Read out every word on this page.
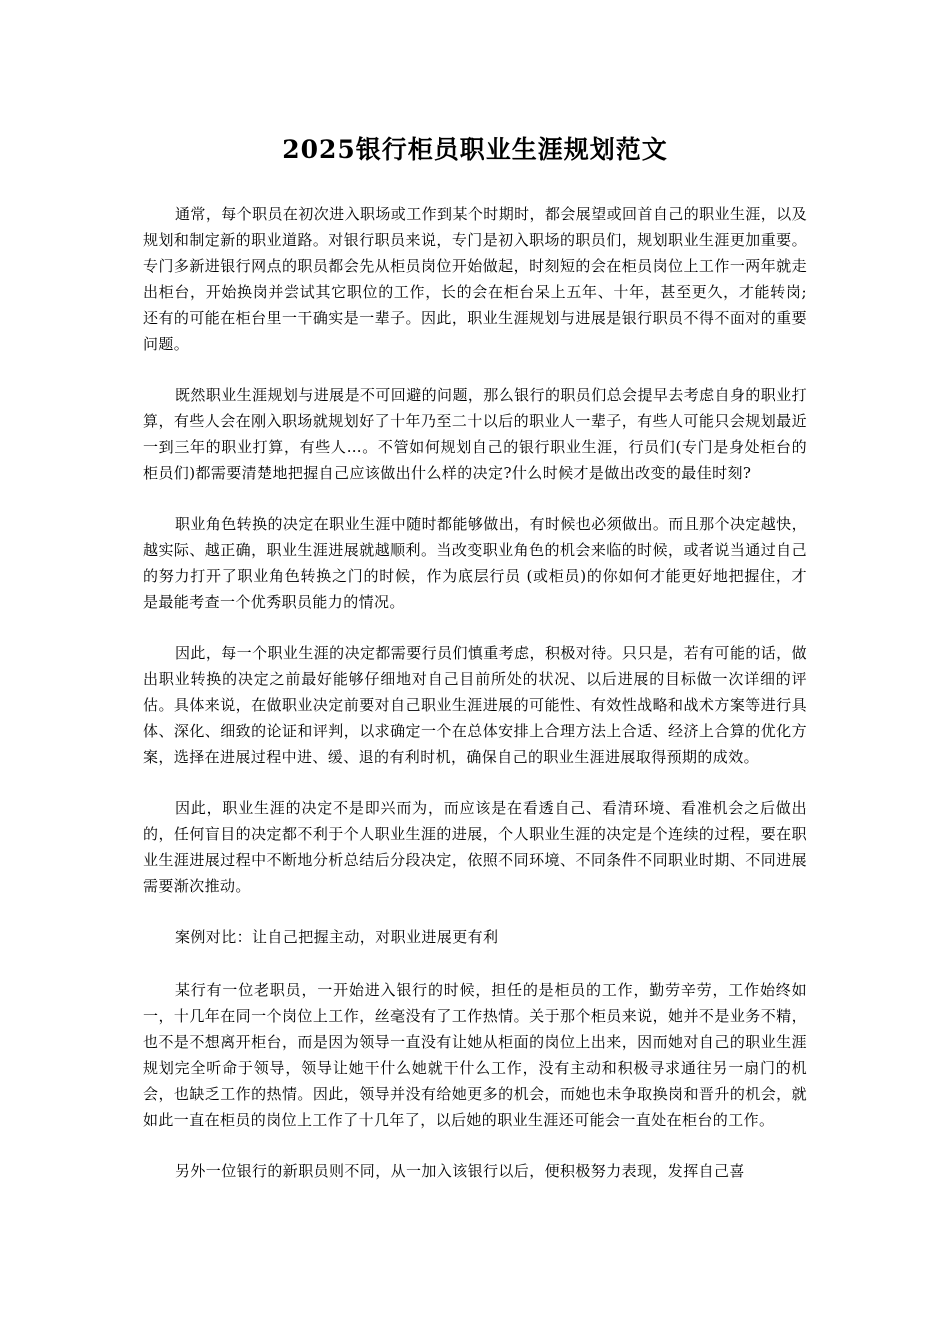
2025银行柜员职业生涯规划范文

通常，每个职员在初次进入职场或工作到某个时期时，都会展望或回首自己的职业生涯，以及规划和制定新的职业道路。对银行职员来说，专门是初入职场的职员们，规划职业生涯更加重要。专门多新进银行网点的职员都会先从柜员岗位开始做起，时刻短的会在柜员岗位上工作一两年就走出柜台，开始换岗并尝试其它职位的工作，长的会在柜台呆上五年、十年，甚至更久，才能转岗;还有的可能在柜台里一干确实是一辈子。因此，职业生涯规划与进展是银行职员不得不面对的重要问题。

既然职业生涯规划与进展是不可回避的问题，那么银行的职员们总会提早去考虑自身的职业打算，有些人会在刚入职场就规划好了十年乃至二十以后的职业人一辈子，有些人可能只会规划最近一到三年的职业打算，有些人…。不管如何规划自己的银行职业生涯，行员们(专门是身处柜台的柜员们)都需要清楚地把握自己应该做出什么样的决定?什么时候才是做出改变的最佳时刻?

职业角色转换的决定在职业生涯中随时都能够做出，有时候也必须做出。而且那个决定越快，越实际、越正确，职业生涯进展就越顺利。当改变职业角色的机会来临的时候，或者说当通过自己的努力打开了职业角色转换之门的时候，作为底层行员 (或柜员)的你如何才能更好地把握住，才是最能考查一个优秀职员能力的情况。

因此，每一个职业生涯的决定都需要行员们慎重考虑，积极对待。只只是，若有可能的话，做出职业转换的决定之前最好能够仔细地对自己目前所处的状况、以后进展的目标做一次详细的评估。具体来说，在做职业决定前要对自己职业生涯进展的可能性、有效性战略和战术方案等进行具体、深化、细致的论证和评判，以求确定一个在总体安排上合理方法上合适、经济上合算的优化方案，选择在进展过程中进、缓、退的有利时机，确保自己的职业生涯进展取得预期的成效。

因此，职业生涯的决定不是即兴而为，而应该是在看透自己、看清环境、看准机会之后做出的，任何盲目的决定都不利于个人职业生涯的进展，个人职业生涯的决定是个连续的过程，要在职业生涯进展过程中不断地分析总结后分段决定，依照不同环境、不同条件不同职业时期、不同进展需要渐次推动。

案例对比：让自己把握主动，对职业进展更有利

某行有一位老职员，一开始进入银行的时候，担任的是柜员的工作，勤劳辛劳，工作始终如一，十几年在同一个岗位上工作，丝毫没有了工作热情。关于那个柜员来说，她并不是业务不精，也不是不想离开柜台，而是因为领导一直没有让她从柜面的岗位上出来，因而她对自己的职业生涯规划完全听命于领导，领导让她干什么她就干什么工作，没有主动和积极寻求通往另一扇门的机会，也缺乏工作的热情。因此，领导并没有给她更多的机会，而她也未争取换岗和晋升的机会，就如此一直在柜员的岗位上工作了十几年了，以后她的职业生涯还可能会一直处在柜台的工作。

另外一位银行的新职员则不同，从一加入该银行以后，便积极努力表现，发挥自己喜
